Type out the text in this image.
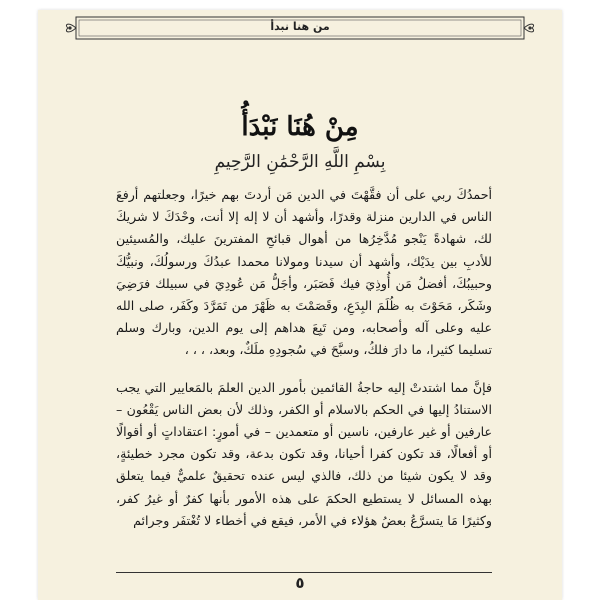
من هنا نبدأ
مِنْ هُنَا نَبْدَأُ
بِسْمِ اللَّهِ الرَّحْمَٰنِ الرَّحِيمِ

أحمدُكَ ربي على أن فقَّهْتَ في الدين مَن أردتَ بهم خيرًا، وجعلتهم أرفعَ الناس في الدارين منزلة وقدرًا، وأشهد أن لا إله إلا أنت، وحْدَكَ لا شريكَ لك، شهادةً يَنْجو مُدَّخِرُها من أهوال قبائحِ المفترينَ عليك، والمُسيئين للأدبِ بين يدَيْك، وأشهد أن سيدنا ومولانا محمدا عبدُكَ ورسولُكَ، ونبيُّكَ وحبيبُكَ، أفضلُ مَن أُوذِيَ فيك فَصَبَر، وأجَلُّ مَن عُودِيَ في سبيلك فرَضِيَ وشَكَر، مَحَوْتَ به ظُلَمَ البِدَعِ، وقَصَمْتَ به ظَهْرَ من تَمَرَّدَ وكَفَر، صلى الله عليه وعلى آله وأصحابه، ومن تَبِعَ هداهم إلى يوم الدين، وبارك وسلم تسليما كثيرا، ما دارَ فلكُ، وسبَّحَ في سُجودِهِ ملَكٌ، وبعد، ، ، ،

فإنَّ مما اشتدتْ إليه حاجةُ القائمين بأمور الدين العلمَ بالمَعايير التي يجب الاستنادُ إليها في الحكم بالاسلام أو الكفر، وذلك لأن بعض الناس يَقْعُون – عارفين أو غير عارفين، ناسين أو متعمدين – في أمورٍ: اعتقاداتٍ أو أقوالًا أو أفعالًا، قد تكون كفرا أحيانا، وقد تكون بدعة، وقد تكون مجرد خطيئةٍ، وقد لا يكون شيئا من ذلك، فالذي ليس عنده تحقيقٌ علميٌّ فيما يتعلق بهذه المسائل لا يستطيع الحكمَ على هذه الأمور بأنها كفرٌ أو غيرُ كفر، وكثيرًا مَا يتسرَّعُ بعضُ هؤلاء في الأمر، فيقع في أخطاء لا تُغْتفَر وجرائم

٥
